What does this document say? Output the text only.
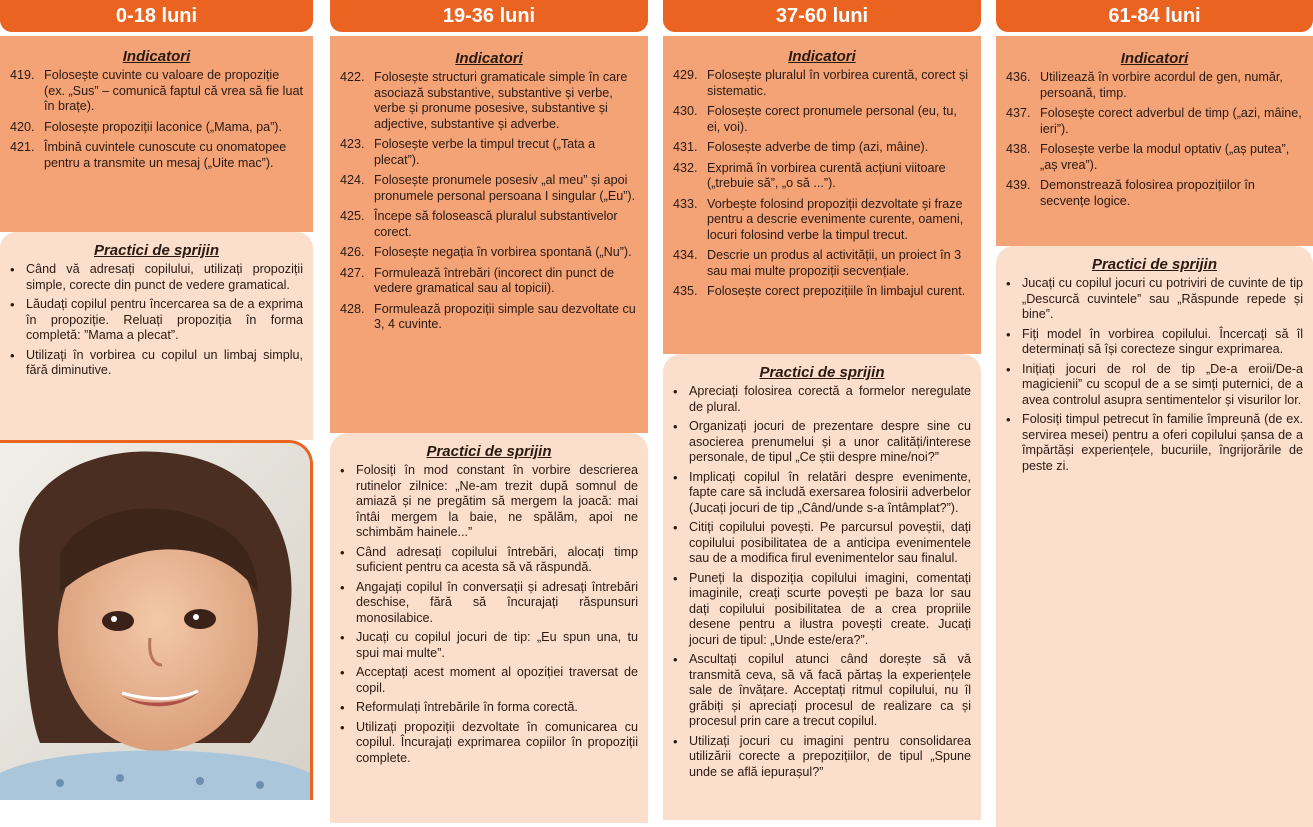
0-18 luni
Indicatori
419. Folosește cuvinte cu valoare de propoziție (ex. „Sus” – comunică faptul că vrea să fie luat în brațe).
420. Folosește propoziții laconice („Mama, pa”).
421. Îmbină cuvintele cunoscute cu onomatopee pentru a transmite un mesaj („Uite mac”).
Practici de sprijin
• Când vă adresați copilului, utilizați propoziții simple, corecte din punct de vedere gramatical.
• Lăudați copilul pentru încercarea sa de a exprima în propoziție. Reluați propoziția în forma completă: ”Mama a plecat”.
• Utilizați în vorbirea cu copilul un limbaj simplu, fără diminutive.
19-36 luni
Indicatori
422. Folosește structuri gramaticale simple în care asociază substantive, substantive și verbe, verbe și pronume posesive, substantive și adjective, substantive și adverbe.
423. Folosește verbe la timpul trecut („Tata a plecat”).
424. Folosește pronumele posesiv „al meu” și apoi pronumele personal persoana I singular („Eu”).
425. Începe să folosească pluralul substantivelor corect.
426. Folosește negația în vorbirea spontană („Nu”).
427. Formulează întrebări (incorect din punct de vedere gramatical sau al topicii).
428. Formulează propoziții simple sau dezvoltate cu 3, 4 cuvinte.
Practici de sprijin
• Folosiți în mod constant în vorbire descrierea rutinelor zilnice: „Ne-am trezit după somnul de amiază și ne pregătim să mergem la joacă: mai întâi mergem la baie, ne spălăm, apoi ne schimbăm hainele...”
• Când adresați copilului întrebări, alocați timp suficient pentru ca acesta să vă răspundă.
• Angajați copilul în conversații și adresați întrebări deschise, fără să încurajați răspunsuri monosilabice.
• Jucați cu copilul jocuri de tip: „Eu spun una, tu spui mai multe”.
• Acceptați acest moment al opoziției traversat de copil.
• Reformulați întrebările în forma corectă.
• Utilizați propoziții dezvoltate în comunicarea cu copilul. Încurajați exprimarea copiilor în propoziții complete.
37-60 luni
Indicatori
429. Folosește pluralul în vorbirea curentă, corect și sistematic.
430. Folosește corect pronumele personal (eu, tu, ei, voi).
431. Folosește adverbe de timp (azi, mâine).
432. Exprimă în vorbirea curentă acțiuni viitoare („trebuie să”, „o să ...”).
433. Vorbește folosind propoziții dezvoltate și fraze pentru a descrie evenimente curente, oameni, locuri folosind verbe la timpul trecut.
434. Descrie un produs al activității, un proiect în 3 sau mai multe propoziții secvențiale.
435. Folosește corect prepozițiile în limbajul curent.
Practici de sprijin
• Apreciați folosirea corectă a formelor neregulate de plural.
• Organizați jocuri de prezentare despre sine cu asocierea prenumelui și a unor calități/interese personale, de tipul „Ce știi despre mine/noi?”
• Implicați copilul în relatări despre evenimente, fapte care să includă exersarea folosirii adverbelor (Jucați jocuri de tip „Când/unde s-a întâmplat?”).
• Citiți copilului povești. Pe parcursul poveștii, dați copilului posibilitatea de a anticipa evenimentele sau de a modifica firul evenimentelor sau finalul.
• Puneți la dispoziția copilului imagini, comentați imaginile, creați scurte povești pe baza lor sau dați copilului posibilitatea de a crea propriile desene pentru a ilustra povești create. Jucați jocuri de tipul: „Unde este/era?”.
• Ascultați copilul atunci când dorește să vă transmită ceva, să vă facă părtaș la experiențele sale de învățare. Acceptați ritmul copilului, nu îl grăbiți și apreciați procesul de realizare ca și procesul prin care a trecut copilul.
• Utilizați jocuri cu imagini pentru consolidarea utilizării corecte a prepozițiilor, de tipul „Spune unde se află iepurașul?”
61-84 luni
Indicatori
436. Utilizează în vorbire acordul de gen, număr, persoană, timp.
437. Folosește corect adverbul de timp („azi, mâine, ieri”).
438. Folosește verbe la modul optativ („aș putea”, „aș vrea”).
439. Demonstrează folosirea propozițiilor în secvențe logice.
Practici de sprijin
• Jucați cu copilul jocuri cu potriviri de cuvinte de tip „Descurcă cuvintele” sau „Răspunde repede și bine”.
• Fiți model în vorbirea copilului. Încercați să îl determinați să își corecteze singur exprimarea.
• Inițiați jocuri de rol de tip „De-a eroii/De-a magicienii” cu scopul de a se simți puternici, de a avea controlul asupra sentimentelor și visurilor lor.
• Folosiți timpul petrecut în familie împreună (de ex. servirea mesei) pentru a oferi copilului șansa de a împărtăși experiențele, bucuriile, îngrijorările de peste zi.
